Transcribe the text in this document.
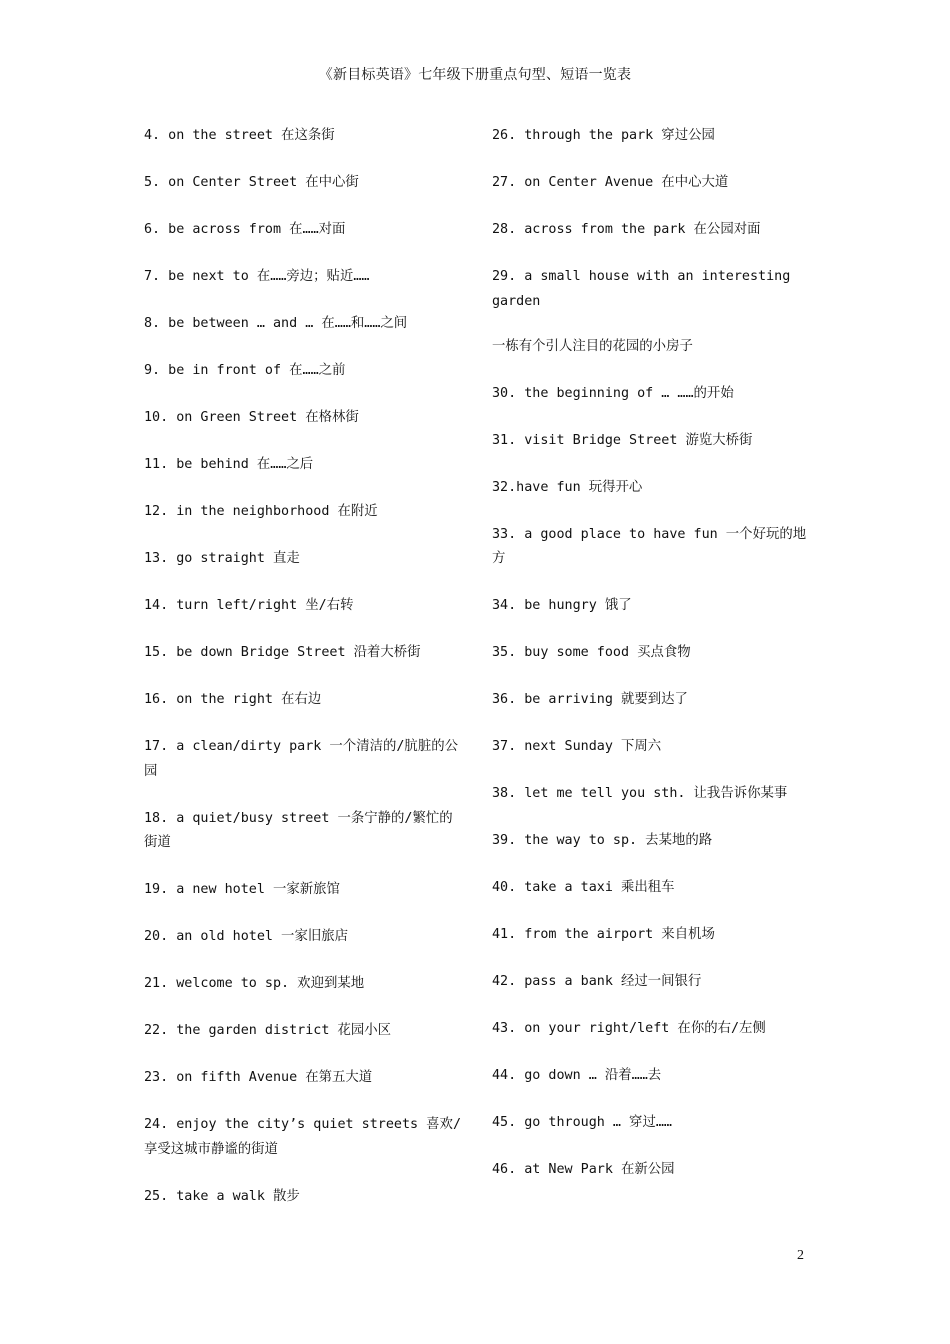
《新目标英语》七年级下册重点句型、短语一览表

4. on the street 在这条街

5. on Center Street 在中心街

6. be across from 在……对面

7. be next to 在……旁边；贴近……

8. be between … and … 在……和……之间

9. be in front of 在……之前

10. on Green Street 在格林街

11. be behind 在……之后

12. in the neighborhood 在附近

13. go straight 直走

14. turn left/right 坐/右转

15. be down Bridge Street 沿着大桥街

16. on the right 在右边

17. a clean/dirty park 一个清洁的/肮脏的公园

18. a quiet/busy street 一条宁静的/繁忙的街道

19. a new hotel 一家新旅馆

20. an old hotel 一家旧旅店

21. welcome to sp. 欢迎到某地

22. the garden district 花园小区

23. on fifth Avenue 在第五大道

24. enjoy the city’s quiet streets 喜欢/享受这城市静谧的街道

25. take a walk 散步

26. through the park 穿过公园

27. on Center Avenue 在中心大道

28. across from the park 在公园对面

29. a small house with an interesting garden

一栋有个引人注目的花园的小房子

30. the beginning of … ……的开始

31. visit Bridge Street 游览大桥街

32.have fun 玩得开心

33. a good place to have fun 一个好玩的地方

34. be hungry 饿了

35. buy some food 买点食物

36. be arriving 就要到达了

37. next Sunday 下周六

38. let me tell you sth. 让我告诉你某事

39. the way to sp. 去某地的路

40. take a taxi 乘出租车

41. from the airport 来自机场

42. pass a bank 经过一间银行

43. on your right/left 在你的右/左侧

44. go down … 沿着……去

45. go through … 穿过……

46. at New Park 在新公园

2
